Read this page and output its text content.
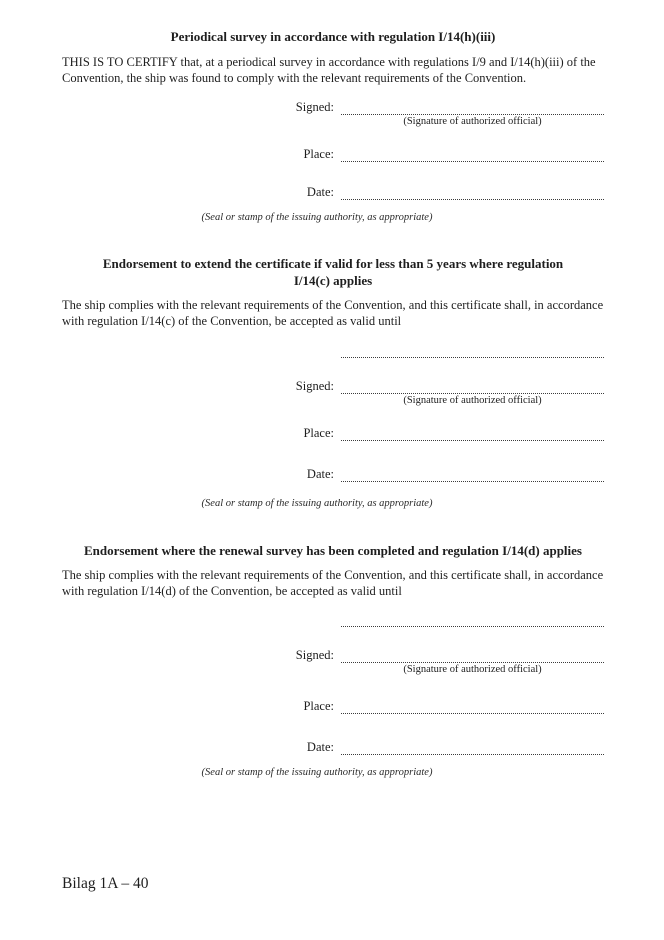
Periodical survey in accordance with regulation I/14(h)(iii)

THIS IS TO CERTIFY that, at a periodical survey in accordance with regulations I/9 and I/14(h)(iii) of the Convention, the ship was found to comply with the relevant requirements of the Convention.

Signed:
(Signature of authorized official)
Place:
Date:
(Seal or stamp of the issuing authority, as appropriate)
Endorsement to extend the certificate if valid for less than 5 years where regulation
I/14(c) applies

The ship complies with the relevant requirements of the Convention, and this certificate shall, in accordance with regulation I/14(c) of the Convention, be accepted as valid until

Signed:
(Signature of authorized official)
Place:
Date:
(Seal or stamp of the issuing authority, as appropriate)
Endorsement where the renewal survey has been completed and regulation I/14(d) applies

The ship complies with the relevant requirements of the Convention, and this certificate shall, in accordance with regulation I/14(d) of the Convention, be accepted as valid until

Signed:
(Signature of authorized official)
Place:
Date:
(Seal or stamp of the issuing authority, as appropriate)
Bilag 1A – 40
